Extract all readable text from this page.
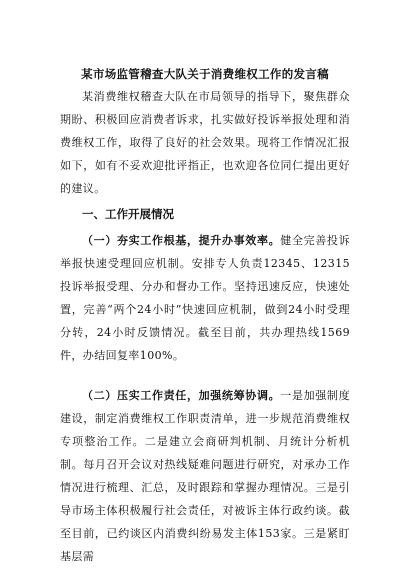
某市场监管稽查大队关于消费维权工作的发言稿

某消费维权稽查大队在市局领导的指导下，聚焦群众期盼、积极回应消费者诉求，扎实做好投诉举报处理和消费维权工作，取得了良好的社会效果。现将工作情况汇报如下，如有不妥欢迎批评指正，也欢迎各位同仁提出更好的建议。

一、工作开展情况

（一）夯实工作根基，提升办事效率。健全完善投诉举报快速受理回应机制。安排专人负责12345、12315投诉举报受理、分办和督办工作。坚持迅速反应，快速处置，完善“两个24小时”快速回应机制，做到24小时受理分转，24小时反馈情况。截至目前，共办理热线1569件，办结回复率100%。

（二）压实工作责任，加强统筹协调。一是加强制度建设，制定消费维权工作职责清单，进一步规范消费维权专项整治工作。二是建立会商研判机制、月统计分析机制。每月召开会议对热线疑难问题进行研究，对承办工作情况进行梳理、汇总，及时跟踪和掌握办理情况。三是引导市场主体积极履行社会责任，对被诉主体行政约谈。截至目前，已约谈区内消费纠纷易发主体153家。三是紧盯基层需
